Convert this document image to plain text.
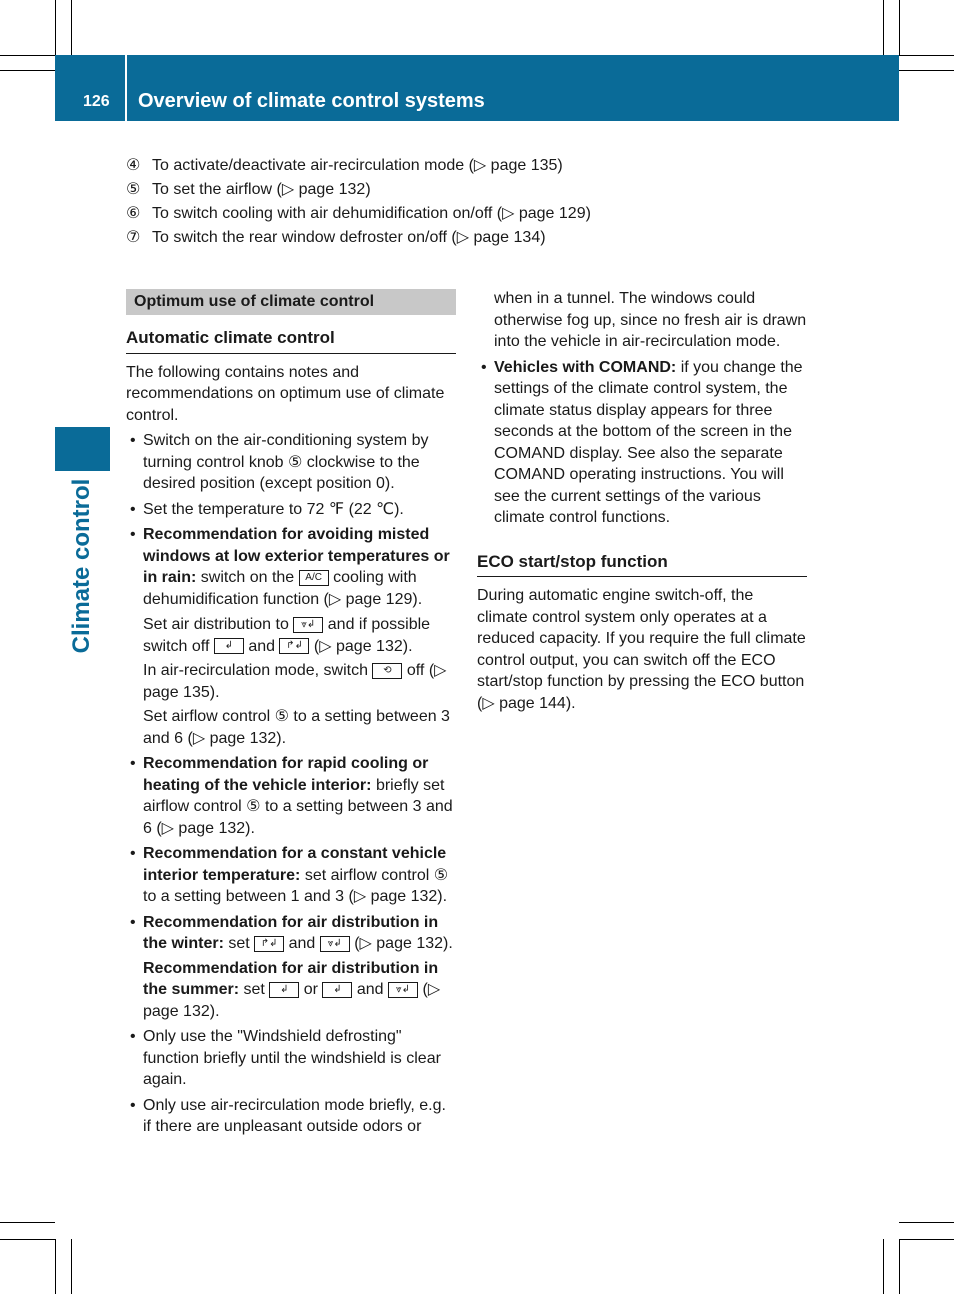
126 Overview of climate control systems
Climate control
④ To activate/deactivate air-recirculation mode (▷ page 135)
⑤ To set the airflow (▷ page 132)
⑥ To switch cooling with air dehumidification on/off (▷ page 129)
⑦ To switch the rear window defroster on/off (▷ page 134)
Optimum use of climate control
Automatic climate control

The following contains notes and recommendations on optimum use of climate control.

• Switch on the air-conditioning system by turning control knob ⑤ clockwise to the desired position (except position 0).
• Set the temperature to 72 ℉ (22 ℃).
• Recommendation for avoiding misted windows at low exterior temperatures or in rain: switch on the A/C cooling with dehumidification function (▷ page 129).
Set air distribution to ⩔↲ and if possible switch off ↲ and ↱↲ (▷ page 132).
In air-recirculation mode, switch ⟲ off (▷ page 135).
Set airflow control ⑤ to a setting between 3 and 6 (▷ page 132).
• Recommendation for rapid cooling or heating of the vehicle interior: briefly set airflow control ⑤ to a setting between 3 and 6 (▷ page 132).
• Recommendation for a constant vehicle interior temperature: set airflow control ⑤ to a setting between 1 and 3 (▷ page 132).
• Recommendation for air distribution in the winter: set ↱↲ and ⩔↲ (▷ page 132).
Recommendation for air distribution in the summer: set ↲ or ↲ and ⩔↲ (▷ page 132).
• Only use the "Windshield defrosting" function briefly until the windshield is clear again.
• Only use air-recirculation mode briefly, e.g. if there are unpleasant outside odors or
when in a tunnel. The windows could otherwise fog up, since no fresh air is drawn into the vehicle in air-recirculation mode.
• Vehicles with COMAND: if you change the settings of the climate control system, the climate status display appears for three seconds at the bottom of the screen in the COMAND display. See also the separate COMAND operating instructions. You will see the current settings of the various climate control functions.
ECO start/stop function

During automatic engine switch-off, the climate control system only operates at a reduced capacity. If you require the full climate control output, you can switch off the ECO start/stop function by pressing the ECO button (▷ page 144).
